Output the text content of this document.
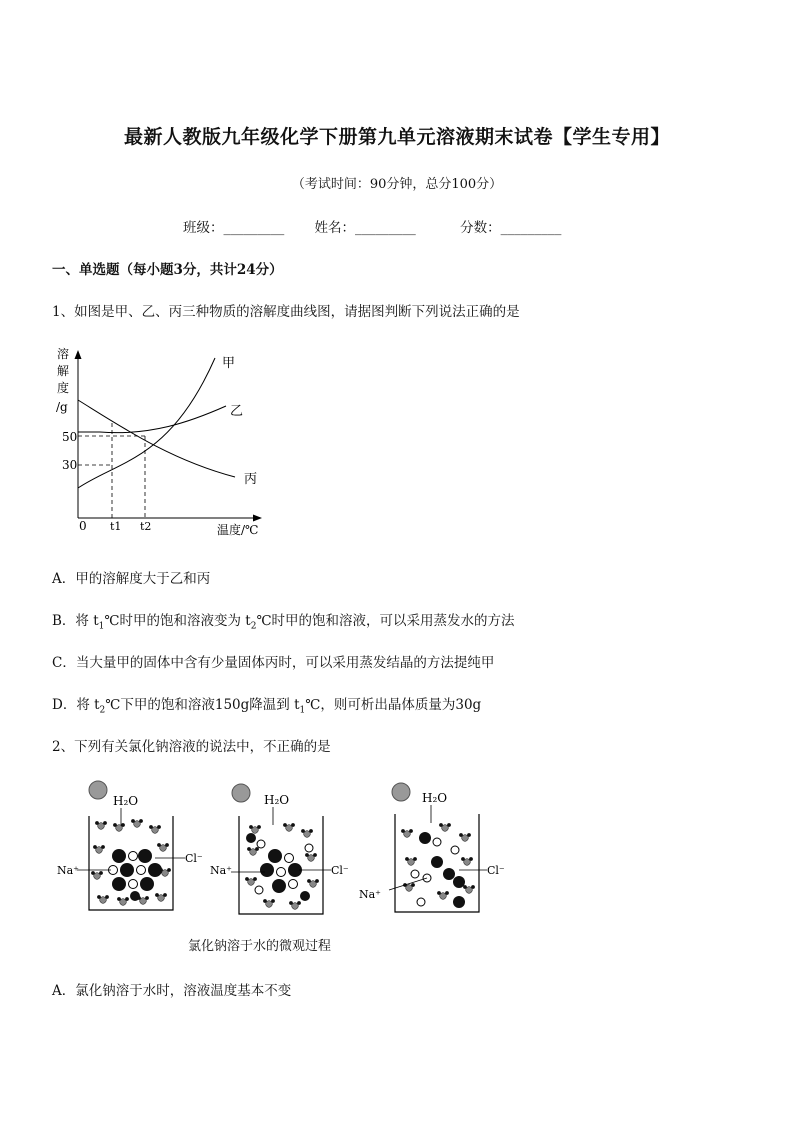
最新人教版九年级化学下册第九单元溶液期末试卷【学生专用】
（考试时间：90分钟，总分100分）
班级：_________ 姓名：_________	分数：_________
一、单选题（每小题3分，共计24分）
1、如图是甲、乙、丙三种物质的溶解度曲线图，请据图判断下列说法正确的是
溶
解
度
/g
50
30
0 t1 t2	温度/℃
甲
乙
丙
A．甲的溶解度大于乙和丙
B．将 $t_1℃$时甲的饱和溶液变为 $t_2℃$时甲的饱和溶液，可以采用蒸发水的方法
C．当大量甲的固体中含有少量固体丙时，可以采用蒸发结晶的方法提纯甲
D．将 $t_2℃$下甲的饱和溶液150g降温到 $t_1℃$，则可析出晶体质量为30g
2、下列有关氯化钠溶液的说法中，不正确的是
H₂O
Na⁺
Cl⁻
H₂O
Na⁺	Cl⁻
H₂O
Na⁺
Cl⁻
氯化钠溶于水的微观过程
A．氯化钠溶于水时，溶液温度基本不变
